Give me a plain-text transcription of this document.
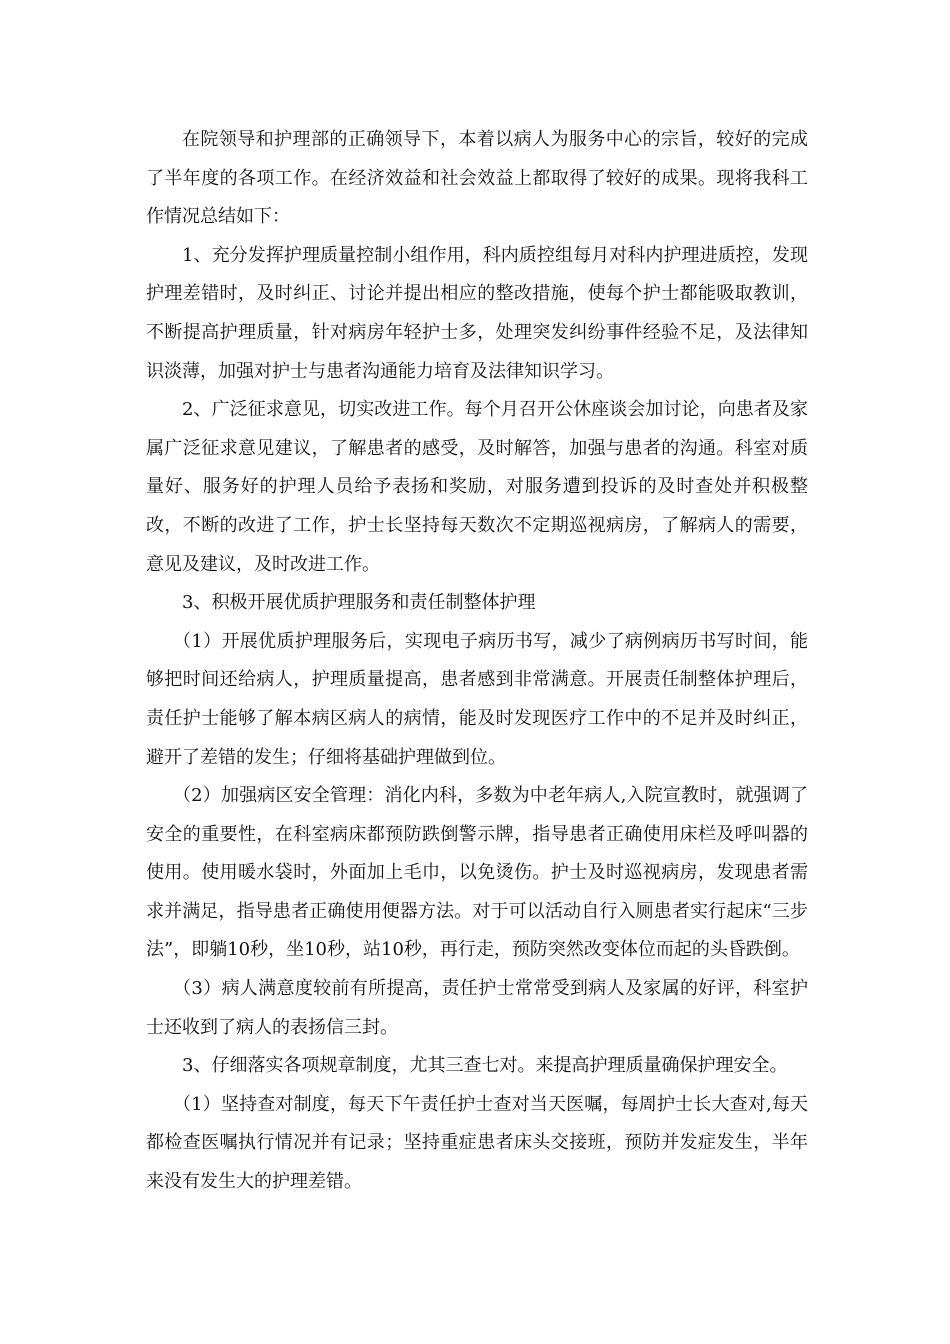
在院领导和护理部的正确领导下，本着以病人为服务中心的宗旨，较好的完成了半年度的各项工作。在经济效益和社会效益上都取得了较好的成果。现将我科工作情况总结如下：

1、充分发挥护理质量控制小组作用，科内质控组每月对科内护理进质控，发现护理差错时，及时纠正、讨论并提出相应的整改措施，使每个护士都能吸取教训，不断提高护理质量，针对病房年轻护士多，处理突发纠纷事件经验不足，及法律知识淡薄，加强对护士与患者沟通能力培育及法律知识学习。

2、广泛征求意见，切实改进工作。每个月召开公休座谈会加讨论，向患者及家属广泛征求意见建议，了解患者的感受，及时解答，加强与患者的沟通。科室对质量好、服务好的护理人员给予表扬和奖励，对服务遭到投诉的及时查处并积极整改，不断的改进了工作，护士长坚持每天数次不定期巡视病房，了解病人的需要，意见及建议，及时改进工作。

3、积极开展优质护理服务和责任制整体护理

（1）开展优质护理服务后，实现电子病历书写，减少了病例病历书写时间，能够把时间还给病人，护理质量提高，患者感到非常满意。开展责任制整体护理后，责任护士能够了解本病区病人的病情，能及时发现医疗工作中的不足并及时纠正，避开了差错的发生；仔细将基础护理做到位。

（2）加强病区安全管理：消化内科，多数为中老年病人,入院宣教时，就强调了安全的重要性，在科室病床都预防跌倒警示牌，指导患者正确使用床栏及呼叫器的使用。使用暖水袋时，外面加上毛巾，以免烫伤。护士及时巡视病房，发现患者需求并满足，指导患者正确使用便器方法。对于可以活动自行入厕患者实行起床“三步法”，即躺10秒，坐10秒，站10秒，再行走，预防突然改变体位而起的头昏跌倒。

（3）病人满意度较前有所提高，责任护士常常受到病人及家属的好评，科室护士还收到了病人的表扬信三封。

3、仔细落实各项规章制度，尤其三查七对。来提高护理质量确保护理安全。

（1）坚持查对制度，每天下午责任护士查对当天医嘱，每周护士长大查对,每天都检查医嘱执行情况并有记录；坚持重症患者床头交接班，预防并发症发生，半年来没有发生大的护理差错。
